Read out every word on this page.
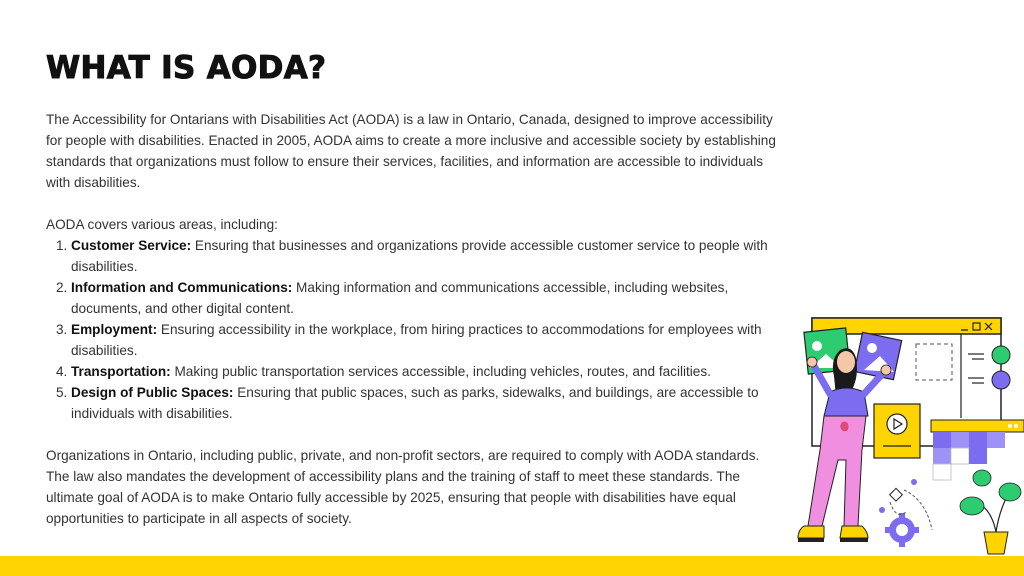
WHAT IS AODA?

The Accessibility for Ontarians with Disabilities Act (AODA) is a law in Ontario, Canada, designed to improve accessibility for people with disabilities. Enacted in 2005, AODA aims to create a more inclusive and accessible society by establishing standards that organizations must follow to ensure their services, facilities, and information are accessible to individuals with disabilities.

AODA covers various areas, including:

1. Customer Service: Ensuring that businesses and organizations provide accessible customer service to people with disabilities.
2. Information and Communications: Making information and communications accessible, including websites, documents, and other digital content.
3. Employment: Ensuring accessibility in the workplace, from hiring practices to accommodations for employees with disabilities.
4. Transportation: Making public transportation services accessible, including vehicles, routes, and facilities.
5. Design of Public Spaces: Ensuring that public spaces, such as parks, sidewalks, and buildings, are accessible to individuals with disabilities.

Organizations in Ontario, including public, private, and non-profit sectors, are required to comply with AODA standards. The law also mandates the development of accessibility plans and the training of staff to meet these standards. The ultimate goal of AODA is to make Ontario fully accessible by 2025, ensuring that people with disabilities have equal opportunities to participate in all aspects of society.
